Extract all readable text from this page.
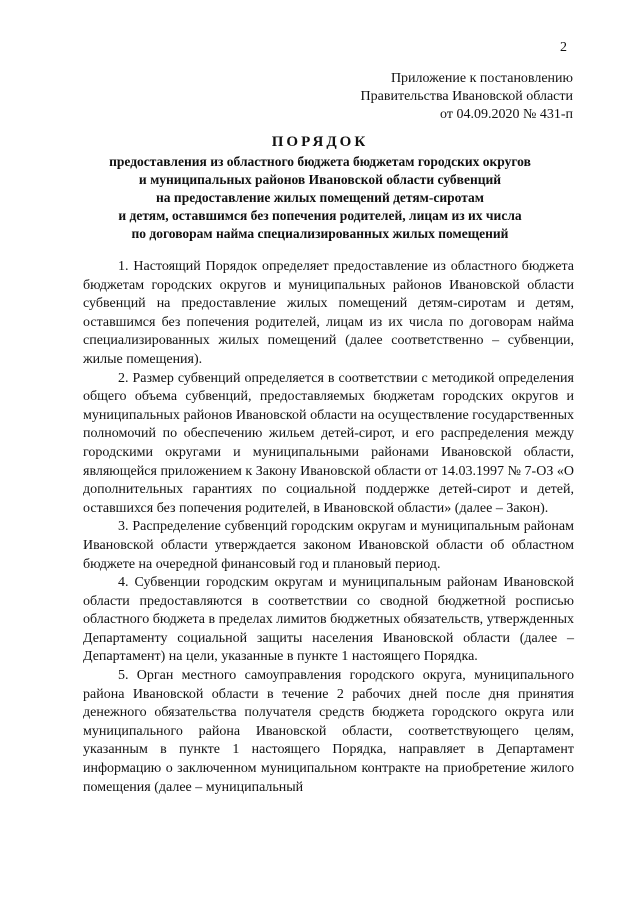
2
Приложение к постановлению
Правительства Ивановской области
от 04.09.2020 № 431-п
ПОРЯДОК
предоставления из областного бюджета бюджетам городских округов
и муниципальных районов Ивановской области субвенций
на предоставление жилых помещений детям-сиротам
и детям, оставшимся без попечения родителей, лицам из их числа
по договорам найма специализированных жилых помещений

1. Настоящий Порядок определяет предоставление из областного бюджета бюджетам городских округов и муниципальных районов Ивановской области субвенций на предоставление жилых помещений детям-сиротам и детям, оставшимся без попечения родителей, лицам из их числа по договорам найма специализированных жилых помещений (далее соответственно – субвенции, жилые помещения).

2. Размер субвенций определяется в соответствии с методикой определения общего объема субвенций, предоставляемых бюджетам городских округов и муниципальных районов Ивановской области на осуществление государственных полномочий по обеспечению жильем детей-сирот, и его распределения между городскими округами и муниципальными районами Ивановской области, являющейся приложением к Закону Ивановской области от 14.03.1997 № 7-ОЗ «О дополнительных гарантиях по социальной поддержке детей-сирот и детей, оставшихся без попечения родителей, в Ивановской области» (далее – Закон).

3. Распределение субвенций городским округам и муниципальным районам Ивановской области утверждается законом Ивановской области об областном бюджете на очередной финансовый год и плановый период.

4. Субвенции городским округам и муниципальным районам Ивановской области предоставляются в соответствии со сводной бюджетной росписью областного бюджета в пределах лимитов бюджетных обязательств, утвержденных Департаменту социальной защиты населения Ивановской области (далее – Департамент) на цели, указанные в пункте 1 настоящего Порядка.

5. Орган местного самоуправления городского округа, муниципального района Ивановской области в течение 2 рабочих дней после дня принятия денежного обязательства получателя средств бюджета городского округа или муниципального района Ивановской области, соответствующего целям, указанным в пункте 1 настоящего Порядка, направляет в Департамент информацию о заключенном муниципальном контракте на приобретение жилого помещения (далее – муниципальный
